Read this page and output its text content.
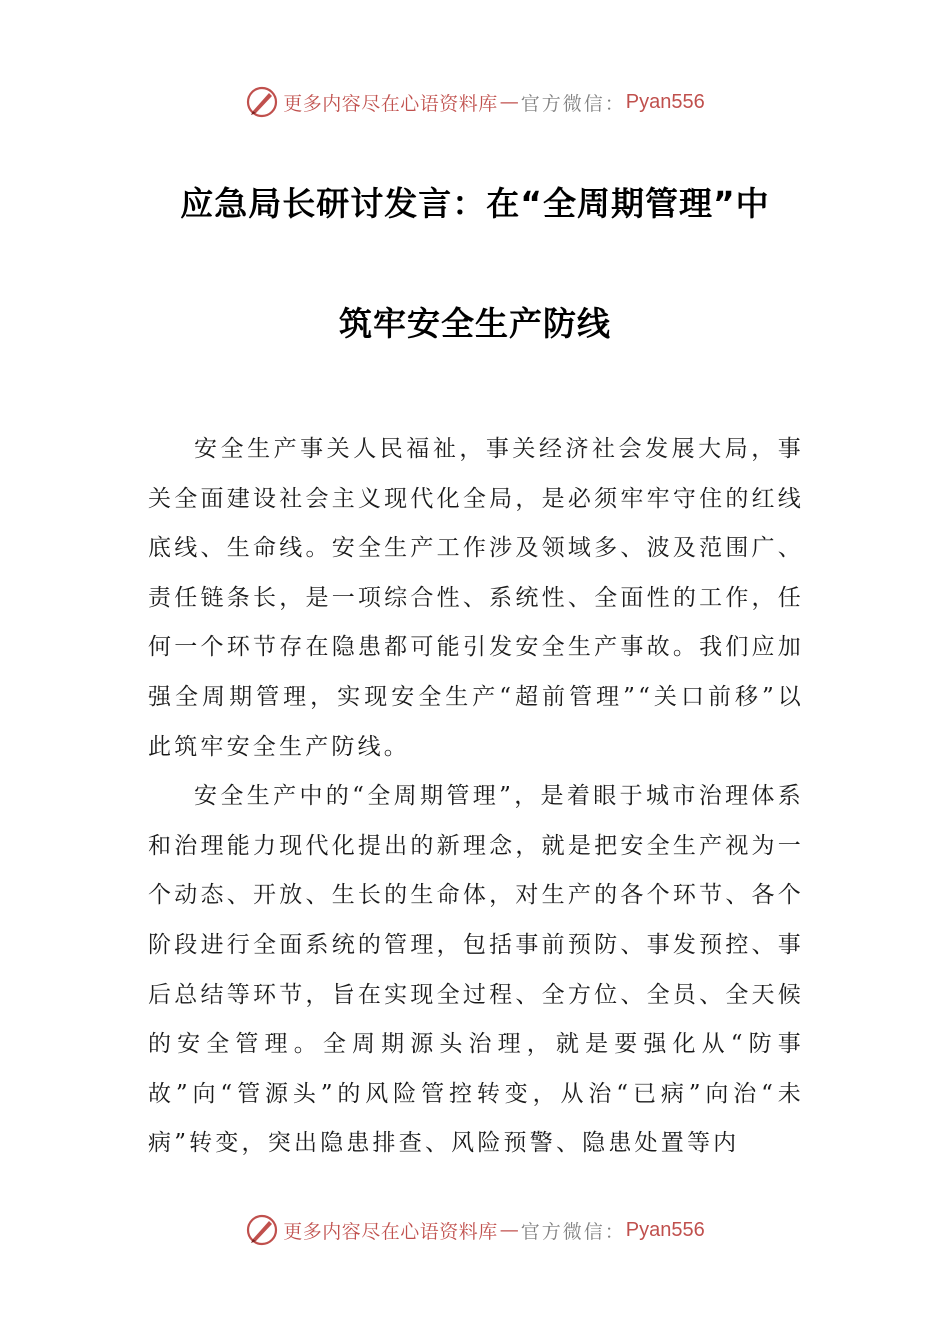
更多内容尽在心语资料库 — 官方微信： Pyan556
应急局长研讨发言：在“全周期管理”中
筑牢安全生产防线

安全生产事关人民福祉，事关经济社会发展大局，事关全面建设社会主义现代化全局，是必须牢牢守住的红线底线、生命线。安全生产工作涉及领域多、波及范围广、责任链条长，是一项综合性、系统性、全面性的工作，任何一个环节存在隐患都可能引发安全生产事故。我们应加强全周期管理，实现安全生产“超前管理”“关口前移”以此筑牢安全生产防线。

安全生产中的“全周期管理”，是着眼于城市治理体系和治理能力现代化提出的新理念，就是把安全生产视为一个动态、开放、生长的生命体，对生产的各个环节、各个阶段进行全面系统的管理，包括事前预防、事发预控、事后总结等环节，旨在实现全过程、全方位、全员、全天候的安全管理。全周期源头治理，就是要强化从“防事故”向“管源头”的风险管控转变，从治“已病”向治“未病”转变，突出隐患排查、风险预警、隐患处置等内

更多内容尽在心语资料库 — 官方微信： Pyan556
